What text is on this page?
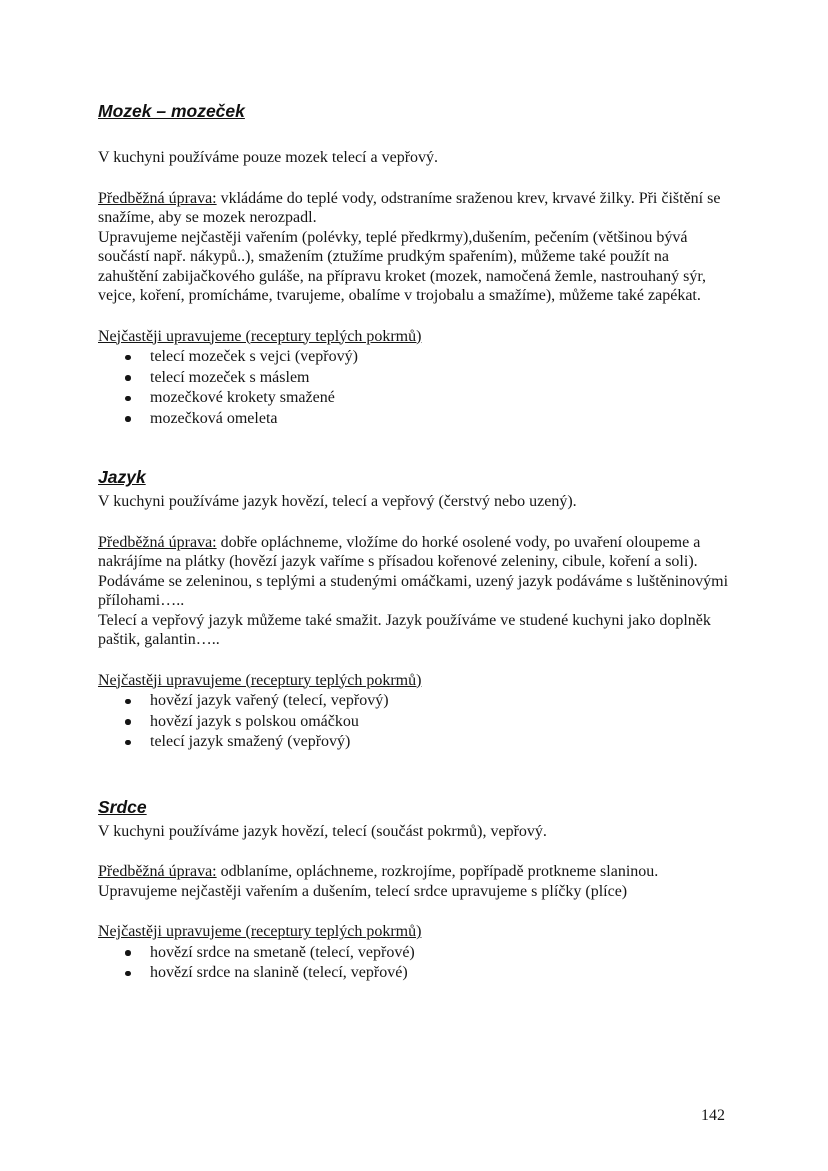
Mozek – mozeček

V kuchyni používáme pouze mozek telecí a vepřový.

Předběžná úprava: vkládáme do teplé vody, odstraníme sraženou krev, krvavé žilky. Při čištění se snažíme, aby se mozek nerozpadl.

Upravujeme nejčastěji vařením (polévky, teplé předkrmy),dušením, pečením (většinou bývá součástí např. nákypů..), smažením (ztužíme prudkým spařením), můžeme také použít na zahuštění zabijačkového guláše, na přípravu kroket (mozek, namočená žemle, nastrouhaný sýr, vejce, koření, promícháme, tvarujeme, obalíme v trojobalu a smažíme), můžeme také zapékat.

Nejčastěji upravujeme (receptury teplých pokrmů)

telecí mozeček s vejci (vepřový)
telecí mozeček s máslem
mozečkové krokety smažené
mozečková omeleta
Jazyk

V kuchyni používáme jazyk hovězí, telecí a vepřový (čerstvý nebo uzený).

Předběžná úprava: dobře opláchneme, vložíme do horké osolené vody, po uvaření oloupeme a nakrájíme na plátky (hovězí jazyk vaříme s přísadou kořenové zeleniny, cibule, koření a soli).

Podáváme se zeleninou, s teplými a studenými omáčkami, uzený jazyk podáváme s luštěninovými přílohami…..

Telecí a vepřový jazyk můžeme také smažit. Jazyk používáme ve studené kuchyni jako doplněk paštik, galantin…..

Nejčastěji upravujeme (receptury teplých pokrmů)

hovězí jazyk vařený (telecí, vepřový)
hovězí jazyk s polskou omáčkou
telecí jazyk smažený (vepřový)
Srdce

V kuchyni používáme jazyk hovězí, telecí (součást pokrmů), vepřový.

Předběžná úprava: odblaníme, opláchneme, rozkrojíme, popřípadě protkneme slaninou.

Upravujeme nejčastěji vařením a dušením, telecí srdce upravujeme s plíčky (plíce)

Nejčastěji upravujeme (receptury teplých pokrmů)

hovězí srdce na smetaně (telecí, vepřové)
hovězí srdce na slanině (telecí, vepřové)
142
